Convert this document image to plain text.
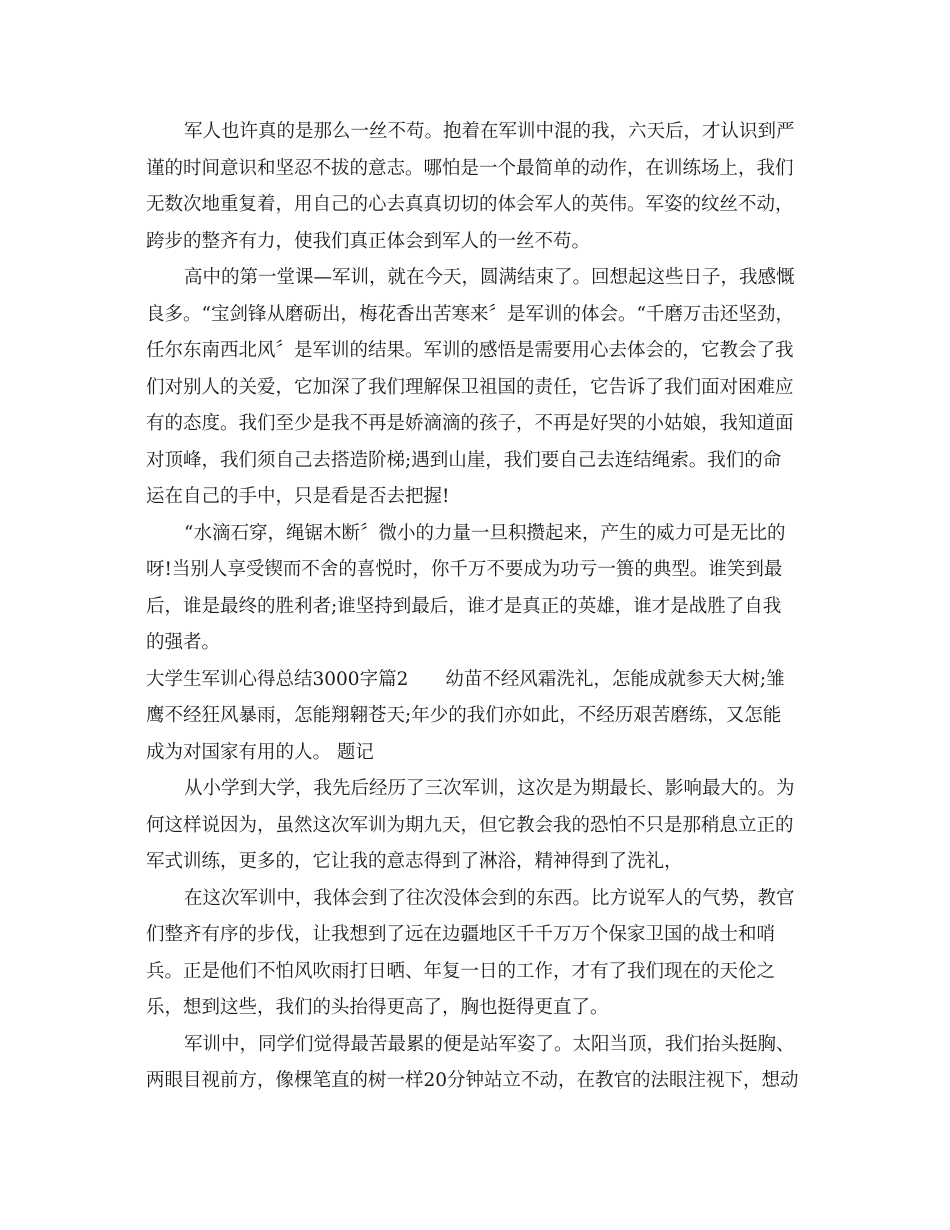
军人也许真的是那么一丝不苟。抱着在军训中混的我，六天后，才认识到严
谨的时间意识和坚忍不拔的意志。哪怕是一个最简单的动作，在训练场上，我们
无数次地重复着，用自己的心去真真切切的体会军人的英伟。军姿的纹丝不动，
跨步的整齐有力，使我们真正体会到军人的一丝不苟。
高中的第一堂课—军训，就在今天，圆满结束了。回想起这些日子，我感慨
良多。“宝剑锋从磨砺出，梅花香出苦寒来〞是军训的体会。“千磨万击还坚劲，
任尔东南西北风〞是军训的结果。军训的感悟是需要用心去体会的，它教会了我
们对别人的关爱，它加深了我们理解保卫祖国的责任，它告诉了我们面对困难应
有的态度。我们至少是我不再是娇滴滴的孩子，不再是好哭的小姑娘，我知道面
对顶峰，我们须自己去搭造阶梯;遇到山崖，我们要自己去连结绳索。我们的命
运在自己的手中，只是看是否去把握!
“水滴石穿，绳锯木断〞微小的力量一旦积攒起来，产生的威力可是无比的
呀!当别人享受锲而不舍的喜悦时，你千万不要成为功亏一篑的典型。谁笑到最
后，谁是最终的胜利者;谁坚持到最后，谁才是真正的英雄，谁才是战胜了自我
的强者。
大学生军训心得总结3000字篇2　　幼苗不经风霜洗礼，怎能成就参天大树;雏
鹰不经狂风暴雨，怎能翔翱苍天;年少的我们亦如此，不经历艰苦磨练，又怎能
成为对国家有用的人。 题记
从小学到大学，我先后经历了三次军训，这次是为期最长、影响最大的。为
何这样说因为，虽然这次军训为期九天，但它教会我的恐怕不只是那稍息立正的
军式训练，更多的，它让我的意志得到了淋浴，精神得到了洗礼，
在这次军训中，我体会到了往次没体会到的东西。比方说军人的气势，教官
们整齐有序的步伐，让我想到了远在边疆地区千千万万个保家卫国的战士和哨
兵。正是他们不怕风吹雨打日晒、年复一日的工作，才有了我们现在的天伦之
乐，想到这些，我们的头抬得更高了，胸也挺得更直了。
军训中，同学们觉得最苦最累的便是站军姿了。太阳当顶，我们抬头挺胸、
两眼目视前方，像棵笔直的树一样20分钟站立不动，在教官的法眼注视下，想动
